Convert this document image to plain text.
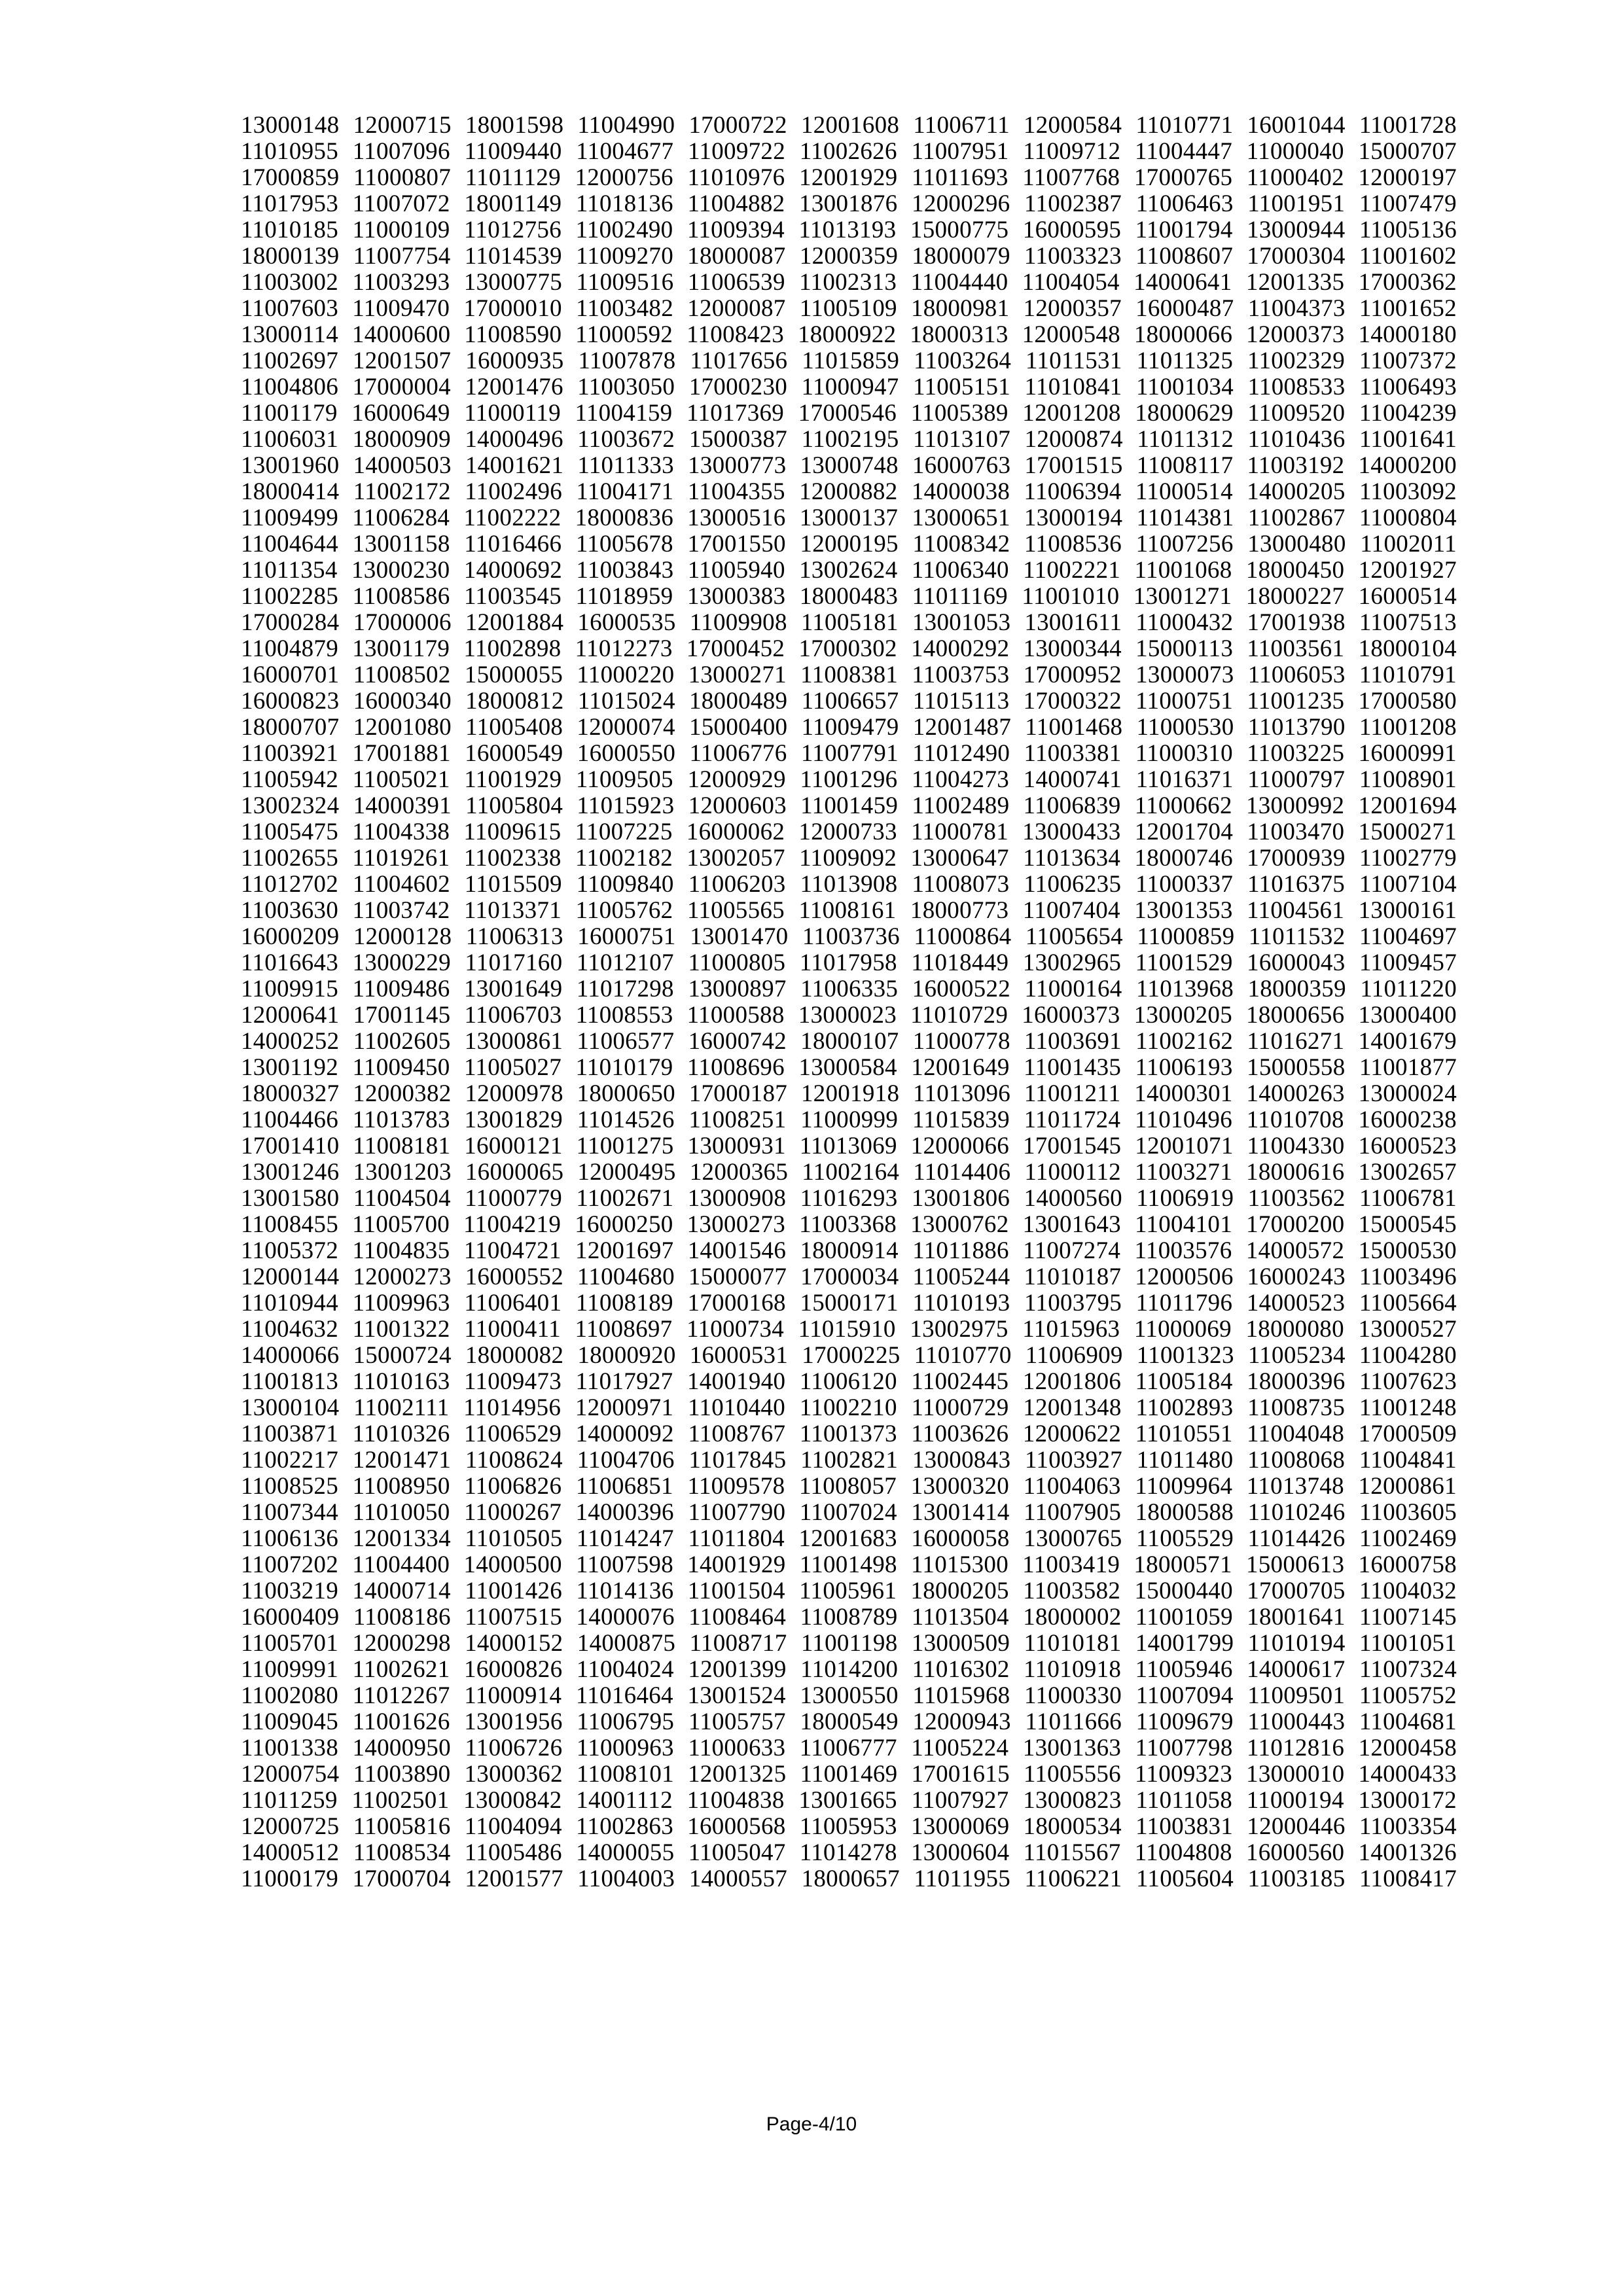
13000148 12000715 18001598 11004990 17000722 12001608 11006711 12000584 11010771 16001044 11001728
11010955 11007096 11009440 11004677 11009722 11002626 11007951 11009712 11004447 11000040 15000707
17000859 11000807 11011129 12000756 11010976 12001929 11011693 11007768 17000765 11000402 12000197
11017953 11007072 18001149 11018136 11004882 13001876 12000296 11002387 11006463 11001951 11007479
11010185 11000109 11012756 11002490 11009394 11013193 15000775 16000595 11001794 13000944 11005136
18000139 11007754 11014539 11009270 18000087 12000359 18000079 11003323 11008607 17000304 11001602
11003002 11003293 13000775 11009516 11006539 11002313 11004440 11004054 14000641 12001335 17000362
11007603 11009470 17000010 11003482 12000087 11005109 18000981 12000357 16000487 11004373 11001652
13000114 14000600 11008590 11000592 11008423 18000922 18000313 12000548 18000066 12000373 14000180
11002697 12001507 16000935 11007878 11017656 11015859 11003264 11011531 11011325 11002329 11007372
11004806 17000004 12001476 11003050 17000230 11000947 11005151 11010841 11001034 11008533 11006493
11001179 16000649 11000119 11004159 11017369 17000546 11005389 12001208 18000629 11009520 11004239
11006031 18000909 14000496 11003672 15000387 11002195 11013107 12000874 11011312 11010436 11001641
13001960 14000503 14001621 11011333 13000773 13000748 16000763 17001515 11008117 11003192 14000200
18000414 11002172 11002496 11004171 11004355 12000882 14000038 11006394 11000514 14000205 11003092
11009499 11006284 11002222 18000836 13000516 13000137 13000651 13000194 11014381 11002867 11000804
11004644 13001158 11016466 11005678 17001550 12000195 11008342 11008536 11007256 13000480 11002011
11011354 13000230 14000692 11003843 11005940 13002624 11006340 11002221 11001068 18000450 12001927
11002285 11008586 11003545 11018959 13000383 18000483 11011169 11001010 13001271 18000227 16000514
17000284 17000006 12001884 16000535 11009908 11005181 13001053 13001611 11000432 17001938 11007513
11004879 13001179 11002898 11012273 17000452 17000302 14000292 13000344 15000113 11003561 18000104
16000701 11008502 15000055 11000220 13000271 11008381 11003753 17000952 13000073 11006053 11010791
16000823 16000340 18000812 11015024 18000489 11006657 11015113 17000322 11000751 11001235 17000580
18000707 12001080 11005408 12000074 15000400 11009479 12001487 11001468 11000530 11013790 11001208
11003921 17001881 16000549 16000550 11006776 11007791 11012490 11003381 11000310 11003225 16000991
11005942 11005021 11001929 11009505 12000929 11001296 11004273 14000741 11016371 11000797 11008901
13002324 14000391 11005804 11015923 12000603 11001459 11002489 11006839 11000662 13000992 12001694
11005475 11004338 11009615 11007225 16000062 12000733 11000781 13000433 12001704 11003470 15000271
11002655 11019261 11002338 11002182 13002057 11009092 13000647 11013634 18000746 17000939 11002779
11012702 11004602 11015509 11009840 11006203 11013908 11008073 11006235 11000337 11016375 11007104
11003630 11003742 11013371 11005762 11005565 11008161 18000773 11007404 13001353 11004561 13000161
16000209 12000128 11006313 16000751 13001470 11003736 11000864 11005654 11000859 11011532 11004697
11016643 13000229 11017160 11012107 11000805 11017958 11018449 13002965 11001529 16000043 11009457
11009915 11009486 13001649 11017298 13000897 11006335 16000522 11000164 11013968 18000359 11011220
12000641 17001145 11006703 11008553 11000588 13000023 11010729 16000373 13000205 18000656 13000400
14000252 11002605 13000861 11006577 16000742 18000107 11000778 11003691 11002162 11016271 14001679
13001192 11009450 11005027 11010179 11008696 13000584 12001649 11001435 11006193 15000558 11001877
18000327 12000382 12000978 18000650 17000187 12001918 11013096 11001211 14000301 14000263 13000024
11004466 11013783 13001829 11014526 11008251 11000999 11015839 11011724 11010496 11010708 16000238
17001410 11008181 16000121 11001275 13000931 11013069 12000066 17001545 12001071 11004330 16000523
13001246 13001203 16000065 12000495 12000365 11002164 11014406 11000112 11003271 18000616 13002657
13001580 11004504 11000779 11002671 13000908 11016293 13001806 14000560 11006919 11003562 11006781
11008455 11005700 11004219 16000250 13000273 11003368 13000762 13001643 11004101 17000200 15000545
11005372 11004835 11004721 12001697 14001546 18000914 11011886 11007274 11003576 14000572 15000530
12000144 12000273 16000552 11004680 15000077 17000034 11005244 11010187 12000506 16000243 11003496
11010944 11009963 11006401 11008189 17000168 15000171 11010193 11003795 11011796 14000523 11005664
11004632 11001322 11000411 11008697 11000734 11015910 13002975 11015963 11000069 18000080 13000527
14000066 15000724 18000082 18000920 16000531 17000225 11010770 11006909 11001323 11005234 11004280
11001813 11010163 11009473 11017927 14001940 11006120 11002445 12001806 11005184 18000396 11007623
13000104 11002111 11014956 12000971 11010440 11002210 11000729 12001348 11002893 11008735 11001248
11003871 11010326 11006529 14000092 11008767 11001373 11003626 12000622 11010551 11004048 17000509
11002217 12001471 11008624 11004706 11017845 11002821 13000843 11003927 11011480 11008068 11004841
11008525 11008950 11006826 11006851 11009578 11008057 13000320 11004063 11009964 11013748 12000861
11007344 11010050 11000267 14000396 11007790 11007024 13001414 11007905 18000588 11010246 11003605
11006136 12001334 11010505 11014247 11011804 12001683 16000058 13000765 11005529 11014426 11002469
11007202 11004400 14000500 11007598 14001929 11001498 11015300 11003419 18000571 15000613 16000758
11003219 14000714 11001426 11014136 11001504 11005961 18000205 11003582 15000440 17000705 11004032
16000409 11008186 11007515 14000076 11008464 11008789 11013504 18000002 11001059 18001641 11007145
11005701 12000298 14000152 14000875 11008717 11001198 13000509 11010181 14001799 11010194 11001051
11009991 11002621 16000826 11004024 12001399 11014200 11016302 11010918 11005946 14000617 11007324
11002080 11012267 11000914 11016464 13001524 13000550 11015968 11000330 11007094 11009501 11005752
11009045 11001626 13001956 11006795 11005757 18000549 12000943 11011666 11009679 11000443 11004681
11001338 14000950 11006726 11000963 11000633 11006777 11005224 13001363 11007798 11012816 12000458
12000754 11003890 13000362 11008101 12001325 11001469 17001615 11005556 11009323 13000010 14000433
11011259 11002501 13000842 14001112 11004838 13001665 11007927 13000823 11011058 11000194 13000172
12000725 11005816 11004094 11002863 16000568 11005953 13000069 18000534 11003831 12000446 11003354
14000512 11008534 11005486 14000055 11005047 11014278 13000604 11015567 11004808 16000560 14001326
11000179 17000704 12001577 11004003 14000557 18000657 11011955 11006221 11005604 11003185 11008417
Page-4/10
